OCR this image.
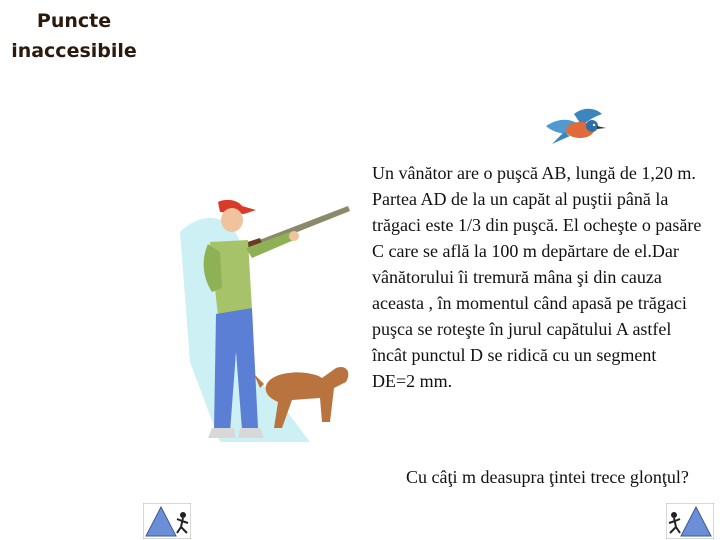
Puncte
inaccesibile
Un vânător are o puşcă AB, lungă de 1,20 m. Partea AD de la un capăt al puştii până la trăgaci este 1/3 din puşcă. El ocheşte o pasăre C care se află la 100 m depărtare de el.Dar vânătorului îi tremură mâna şi din cauza aceasta , în momentul când apasă pe trăgaci puşca se roteşte în jurul capătului A astfel încât punctul D se ridică cu un segment DE=2 mm.
Cu câţi m deasupra ţintei trece glonţul?
